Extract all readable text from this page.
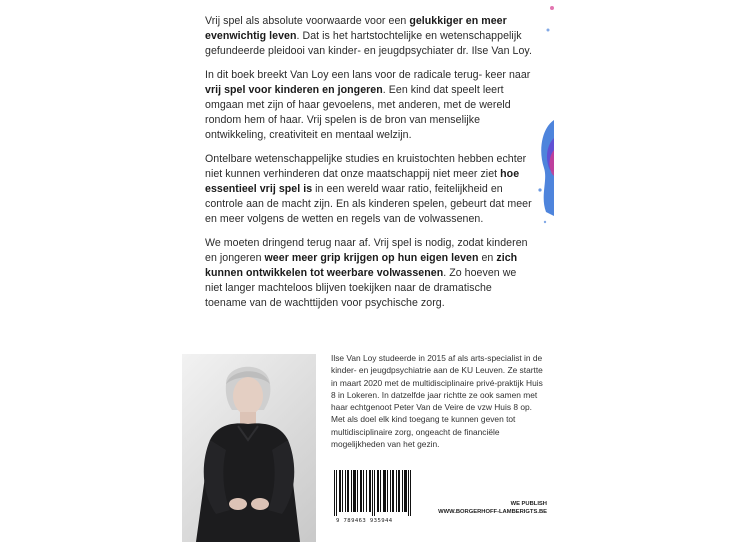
Vrij spel als absolute voorwaarde voor een gelukkiger en meer evenwichtig leven. Dat is het hartstochtelijke en wetenschappelijk gefundeerde pleidooi van kinder- en jeugdpsychiater dr. Ilse Van Loy.

In dit boek breekt Van Loy een lans voor de radicale terug- keer naar vrij spel voor kinderen en jongeren. Een kind dat speelt leert omgaan met zijn of haar gevoelens, met anderen, met de wereld rondom hem of haar. Vrij spelen is de bron van menselijke ontwikkeling, creativiteit en mentaal welzijn.

Ontelbare wetenschappelijke studies en kruistochten hebben echter niet kunnen verhinderen dat onze maatschappij niet meer ziet hoe essentieel vrij spel is in een wereld waar ratio, feitelijkheid en controle aan de macht zijn. En als kinderen spelen, gebeurt dat meer en meer volgens de wetten en regels van de volwassenen.

We moeten dringend terug naar af. Vrij spel is nodig, zodat kinderen en jongeren weer meer grip krijgen op hun eigen leven en zich kunnen ontwikkelen tot weerbare volwassenen. Zo hoeven we niet langer machteloos blijven toekijken naar de dramatische toename van de wachttijden voor psychische zorg.

Ilse Van Loy studeerde in 2015 af als arts-specialist in de kinder- en jeugdpsychiatrie aan de KU Leuven. Ze startte in maart 2020 met de multidisciplinaire privé-praktijk Huis 8 in Lokeren. In datzelfde jaar richtte ze ook samen met haar echtgenoot Peter Van de Veire de vzw Huis 8 op. Met als doel elk kind toegang te kunnen geven tot multidisciplinaire zorg, ongeacht de financiële mogelijkheden van het gezin.
9 789463 935944
WE PUBLISH
WWW.BORGERHOFF-LAMBERIGTS.BE
